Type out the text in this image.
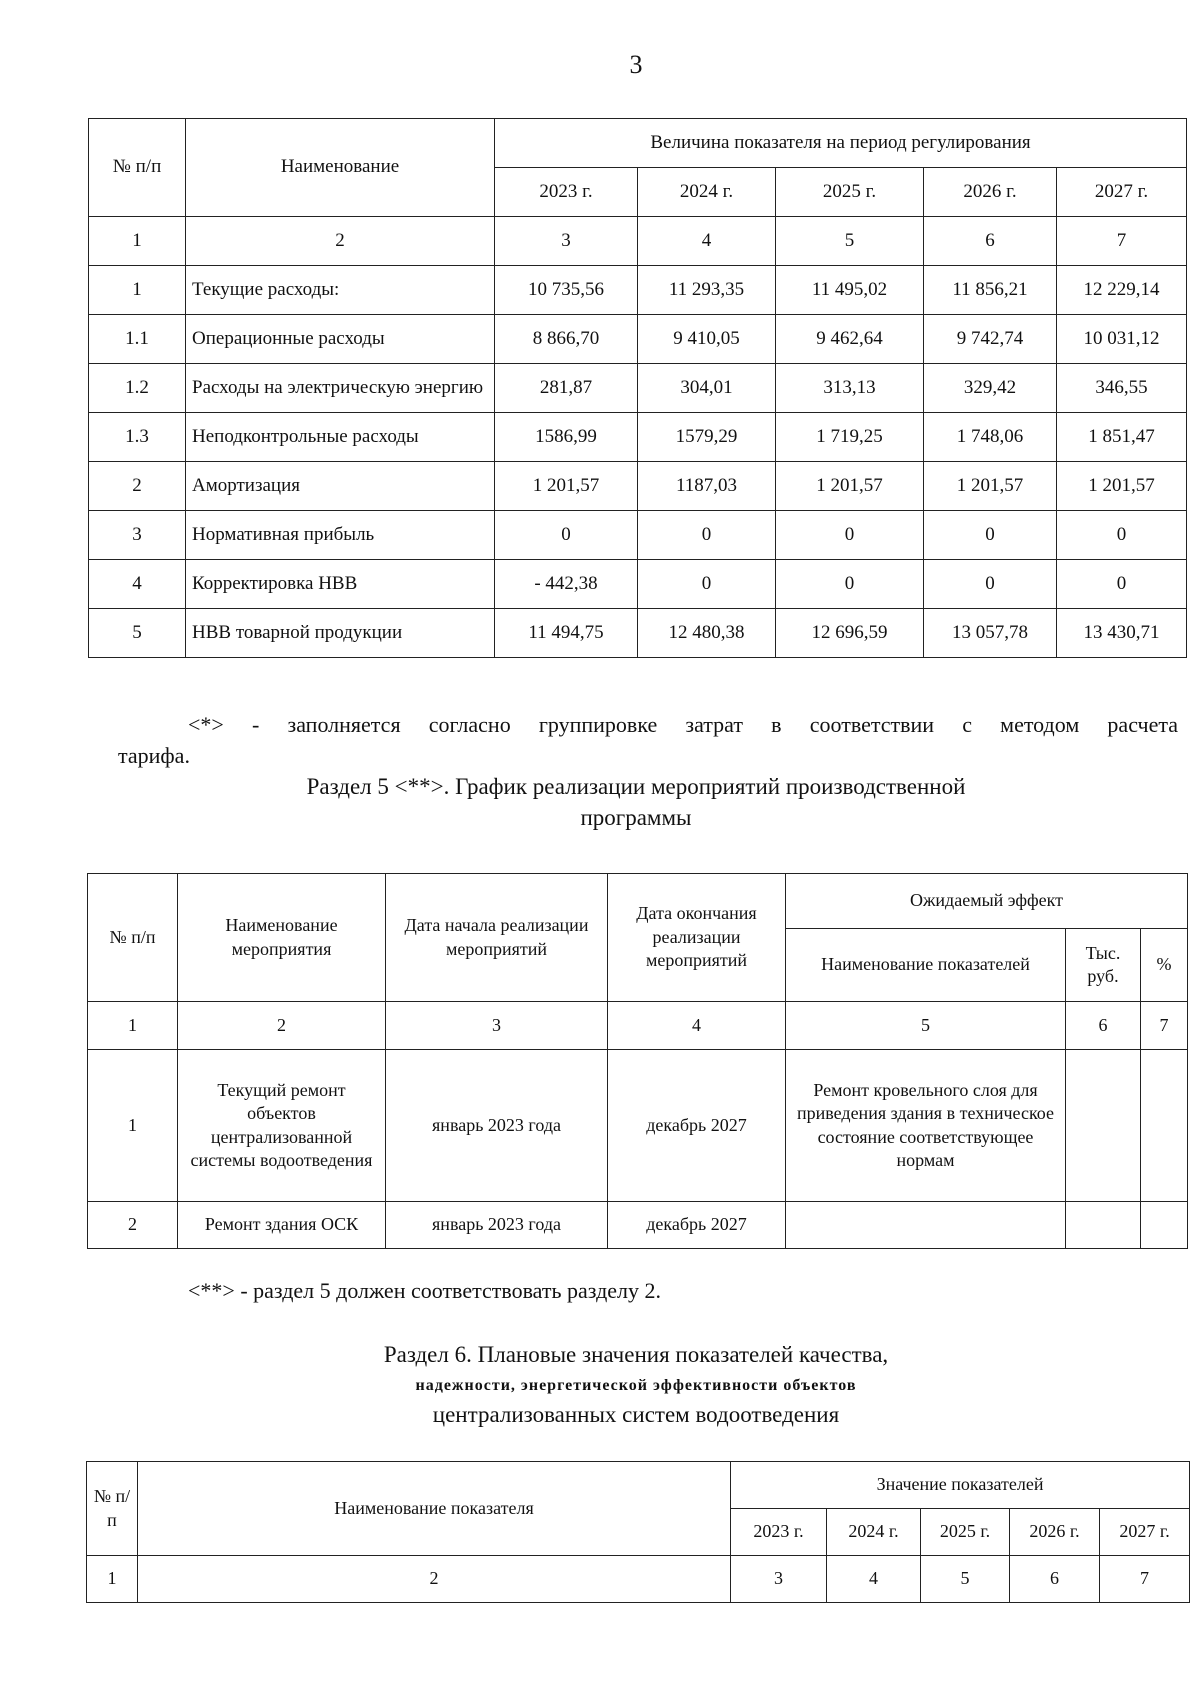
3
№ п/п	Наименование	Величина показателя на период регулирования				
		2023 г.	2024 г.	2025 г.	2026 г.	2027 г.
1	2	3	4	5	6	7
1	Текущие расходы:	10 735,56	11 293,35	11 495,02	11 856,21	12 229,14
1.1	Операционные расходы	8 866,70	9 410,05	9 462,64	9 742,74	10 031,12
1.2	Расходы на электрическую энергию	281,87	304,01	313,13	329,42	346,55
1.3	Неподконтрольные расходы	1586,99	1579,29	1 719,25	1 748,06	1 851,47
2	Амортизация	1 201,57	1187,03	1 201,57	1 201,57	1 201,57
3	Нормативная прибыль	0	0	0	0	0
4	Корректировка НВВ	- 442,38	0	0	0	0
5	НВВ товарной продукции	11 494,75	12 480,38	12 696,59	13 057,78	13 430,71
<*> - заполняется согласно группировке затрат в соответствии с методом расчета
тарифа.
Раздел 5 <**>. График реализации мероприятий производственной
программы
№ п/п	Наименование мероприятия	Дата начала реализации мероприятий	Дата окончания реализации мероприятий	Ожидаемый эффект		
				Наименование показателей	Тыс. руб.	%
1	2	3	4	5	6	7
1	Текущий ремонт объектов централизованной системы водоотведения	январь 2023 года	декабрь 2027	Ремонт кровельного слоя для приведения здания в техническое состояние соответствующее нормам		
2	Ремонт здания ОСК	январь 2023 года	декабрь 2027			
<**> - раздел 5 должен соответствовать разделу 2.
Раздел 6. Плановые значения показателей качества,
надежности, энергетической эффективности объектов
централизованных систем водоотведения
№ п/п	Наименование показателя	Значение показателей				
		2023 г.	2024 г.	2025 г.	2026 г.	2027 г.
1	2	3	4	5	6	7
